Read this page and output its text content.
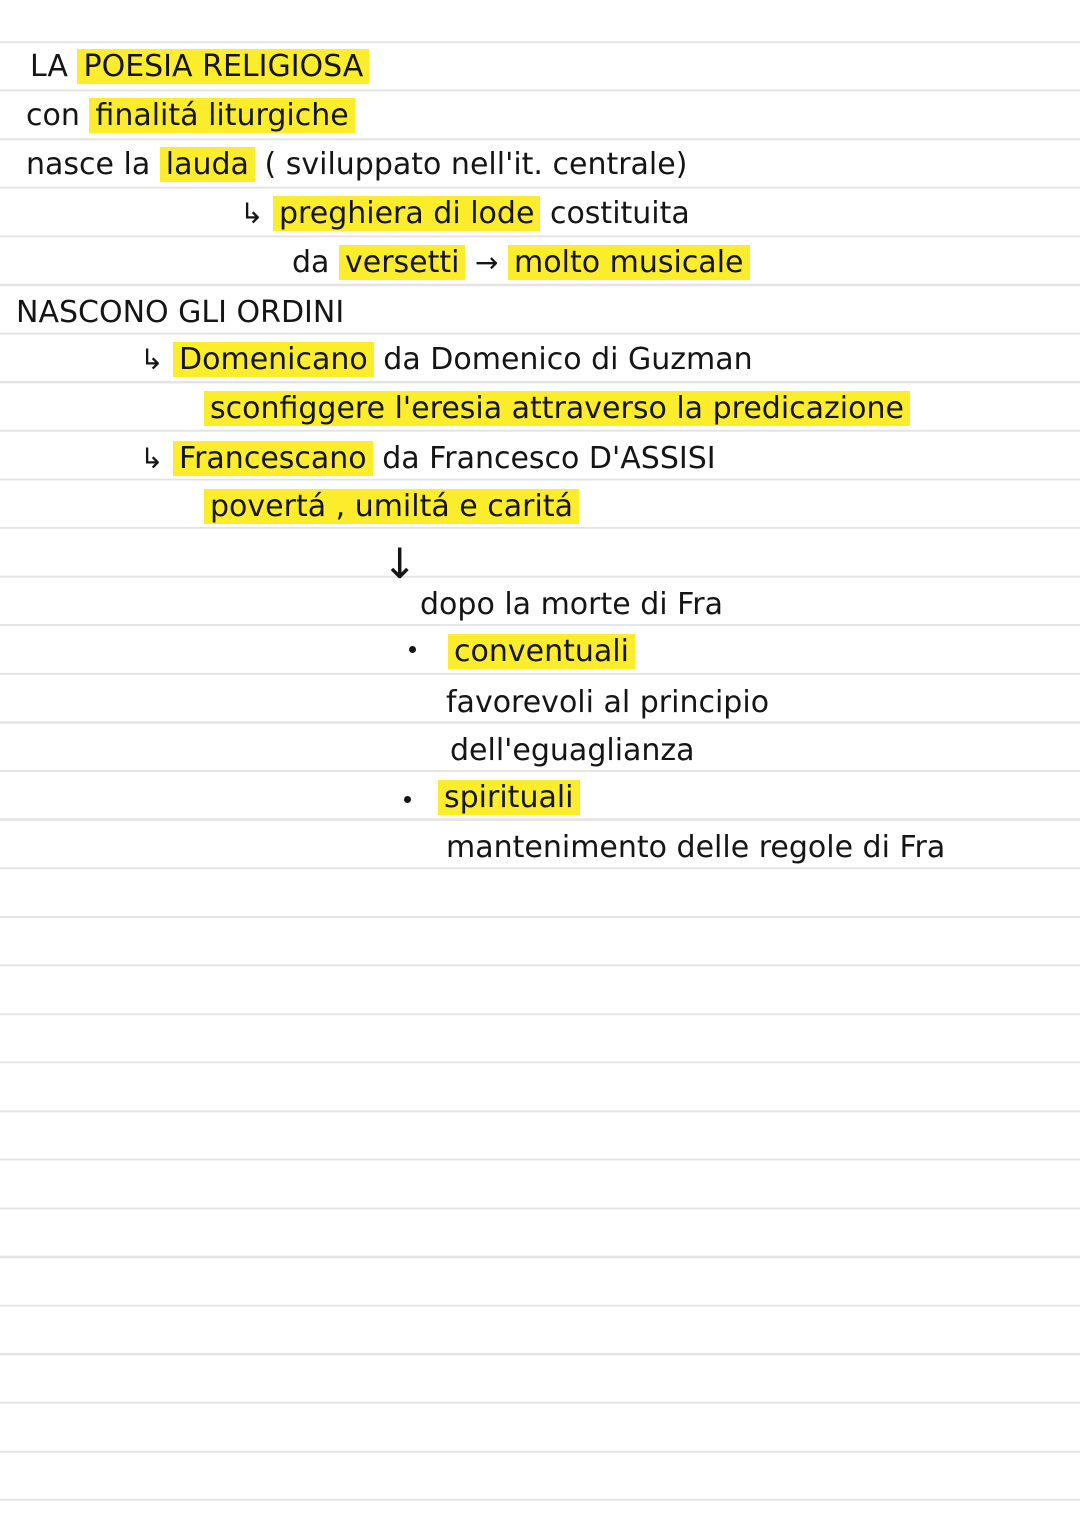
LA POESIA RELIGIOSA
con finalitá liturgiche
nasce la lauda ( sviluppato nell'it. centrale)
↳ preghiera di lode costituita
da versetti → molto musicale
NASCONO GLI ORDINI
↳ Domenicano da Domenico di Guzman
sconfiggere l'eresia attraverso la predicazione
↳ Francescano da Francesco D'ASSISI
povertá , umiltá e caritá
↓
dopo la morte di Fra
conventuali
favorevoli al principio
dell'eguaglianza
spirituali
mantenimento delle regole di Fra
